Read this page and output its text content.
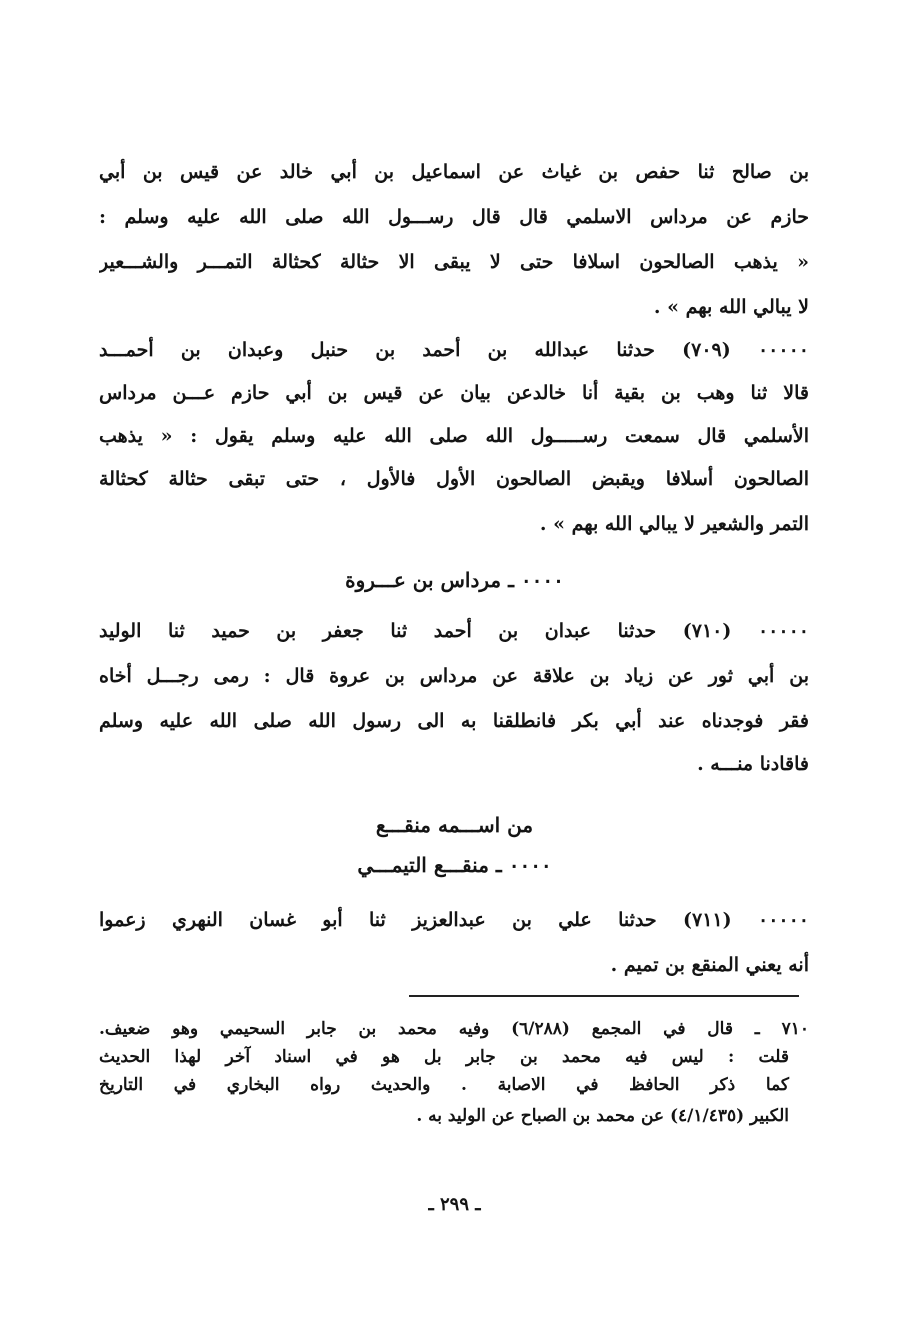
بن صالح ثنا حفص بن غياث عن اسماعيل بن أبي خالد عن قيس بن أبي
حازم عن مرداس الاسلمي قال قال رســـول الله صلى الله عليه وسلم :
« يذهب الصالحون اسلافا حتى لا يبقى الا حثالة كحثالة التمـــر والشـــعير
لا يبالي الله بهم » .
٠٠٠٠٠ (٧٠٩) حدثنا عبدالله بن أحمد بن حنبل وعبدان بن أحمـــد
قالا ثنا وهب بن بقية أنا خالدعن بيان عن قيس بن أبي حازم عـــن مرداس
الأسلمي قال سمعت رســـــول الله صلى الله عليه وسلم يقول : « يذهب
الصالحون أسلافا ويقبض الصالحون الأول فالأول ، حتى تبقى حثالة كحثالة
التمر والشعير لا يبالي الله بهم » .
٠٠٠٠ ـ مرداس بن عـــروة
٠٠٠٠٠ (٧١٠) حدثنا عبدان بن أحمد ثنا جعفر بن حميد ثنا الوليد
بن أبي ثور عن زياد بن علاقة عن مرداس بن عروة قال : رمى رجـــل أخاه
فقر فوجدناه عند أبي بكر فانطلقنا به الى رسول الله صلى الله عليه وسلم
فاقادنا منـــه .
من اســـمه منقـــع
٠٠٠٠ ـ منقـــع التيمـــي
٠٠٠٠٠ (٧١١) حدثنا علي بن عبدالعزيز ثنا أبو غسان النهري زعموا
أنه يعني المنقع بن تميم .
٧١٠ ـ قال في المجمع (٦/٢٨٨) وفيه محمد بن جابر السحيمي وهو ضعيف.
قلت : ليس فيه محمد بن جابر بل هو في اسناد آخر لهذا الحديث
كما ذكر الحافظ في الاصابة . والحديث رواه البخاري في التاريخ
الكبير (٤/١/٤٣٥) عن محمد بن الصباح عن الوليد به .
ـ ٢٩٩ ـ
